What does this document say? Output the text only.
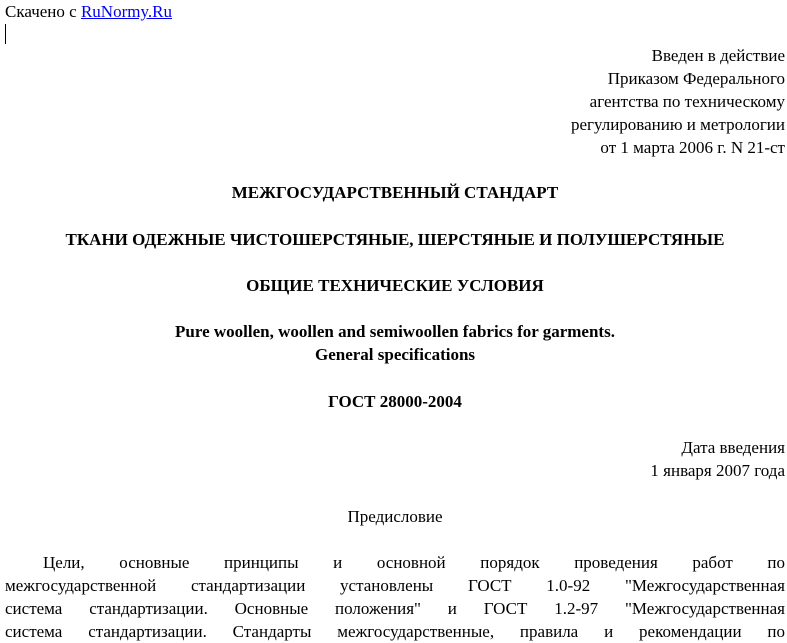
Скачено с RuNormy.Ru
Введен в действие
Приказом Федерального
агентства по техническому
регулированию и метрологии
от 1 марта 2006 г. N 21-ст
МЕЖГОСУДАРСТВЕННЫЙ СТАНДАРТ
ТКАНИ ОДЕЖНЫЕ ЧИСТОШЕРСТЯНЫЕ, ШЕРСТЯНЫЕ И ПОЛУШЕРСТЯНЫЕ
ОБЩИЕ ТЕХНИЧЕСКИЕ УСЛОВИЯ
Pure woollen, woollen and semiwoollen fabrics for garments.
General specifications
ГОСТ 28000-2004
Дата введения
1 января 2007 года
Предисловие
Цели, основные принципы и основной порядок проведения работ по
межгосударственной стандартизации установлены ГОСТ 1.0-92 "Межгосударственная
система стандартизации. Основные положения" и ГОСТ 1.2-97 "Межгосударственная
система стандартизации. Стандарты межгосударственные, правила и рекомендации по
